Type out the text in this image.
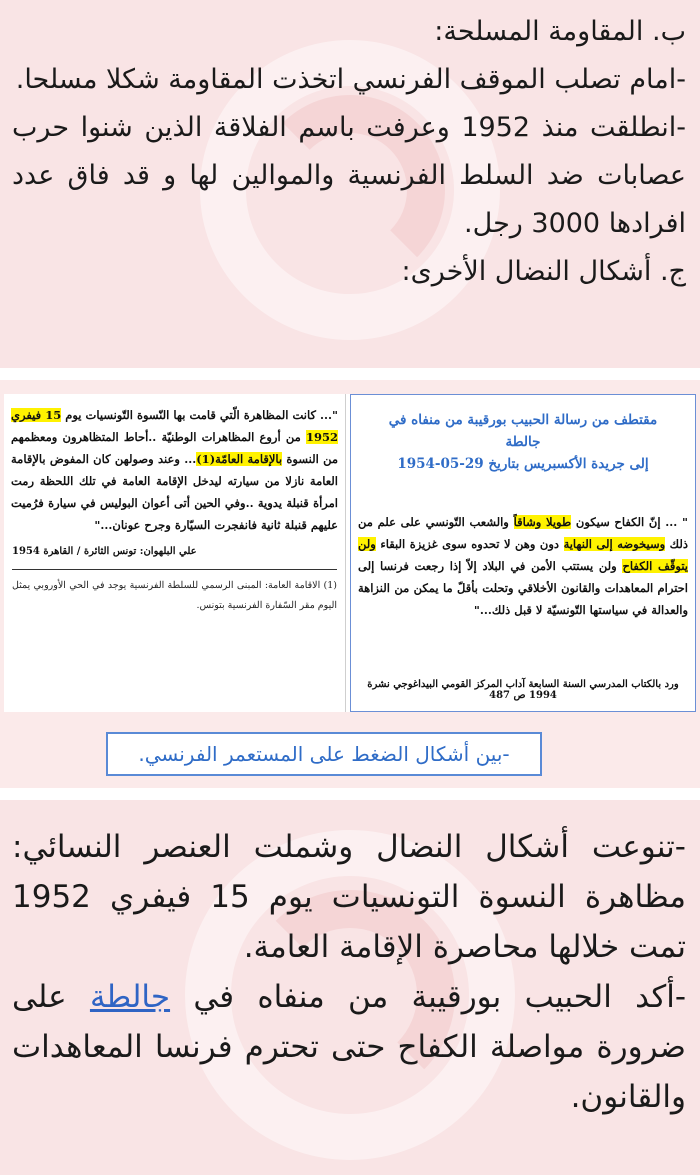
ب. المقاومة المسلحة:

-امام تصلب الموقف الفرنسي اتخذت المقاومة شكلا مسلحا.

-انطلقت منذ 1952 وعرفت باسم الفلاقة الذين شنوا حرب عصابات ضد السلط الفرنسية والموالين لها و قد فاق عدد افرادها 3000 رجل.

ج. أشكال النضال الأخرى:

مقتطف من رسالة الحبيب بورقيبة من منفاه في جالطة
إلى جريدة الأكسبريس بتاريخ 29-05-1954
" ... إنّ الكفاح سيكون طويلا وشاقاً والشعب التّونسي على علم من ذلك وسيخوضه إلى النهاية دون وهن لا تحدوه سوى غزيزة البقاء ولن يتوقّف الكفاح ولن يستتب الأمن في البلاد إلاّ إذا رجعت فرنسا إلى احترام المعاهدات والقانون الأخلاقي وتحلت بأقلّ ما يمكن من النزاهة والعدالة في سياستها التّونسيّة لا قبل ذلك..."
ورد بالكتاب المدرسي السنة السابعة آداب المركز القومي البيداغوجي نشرة 1994 ص 487
"... كانت المظاهرة الّتي قامت بها النّسوة التّونسيات يوم 15 فيفري 1952 من أروع المظاهرات الوطنيّة ..أحاط المتظاهرون ومعظمهم من النسوة بالإقامة العامّة(1)... وعند وصولهن كان المفوض بالإقامة العامة نازلا من سيارته ليدخل الإقامة العامة في تلك اللحظة رمت امرأة قنبلة يدوية ..وفي الحين أتى أعوان البوليس في سيارة فرُميت عليهم قنبلة ثانية فانفجرت السيّارة وجرح عونان..."
علي البلهوان: تونس الثائرة / القاهرة 1954
(1) الاقامة العامة: المبنى الرسمي للسلطة الفرنسية يوجد في الحي الأوروبي يمثل اليوم مقر السّفارة الفرنسية بتونس.
-بين أشكال الضغط على المستعمر الفرنسي.

-تنوعت أشكال النضال وشملت العنصر النسائي: مظاهرة النسوة التونسيات يوم 15 فيفري 1952 تمت خلالها محاصرة الإقامة العامة.

-أكد الحبيب بورقيبة من منفاه في جالطة على ضرورة مواصلة الكفاح حتى تحترم فرنسا المعاهدات والقانون.
